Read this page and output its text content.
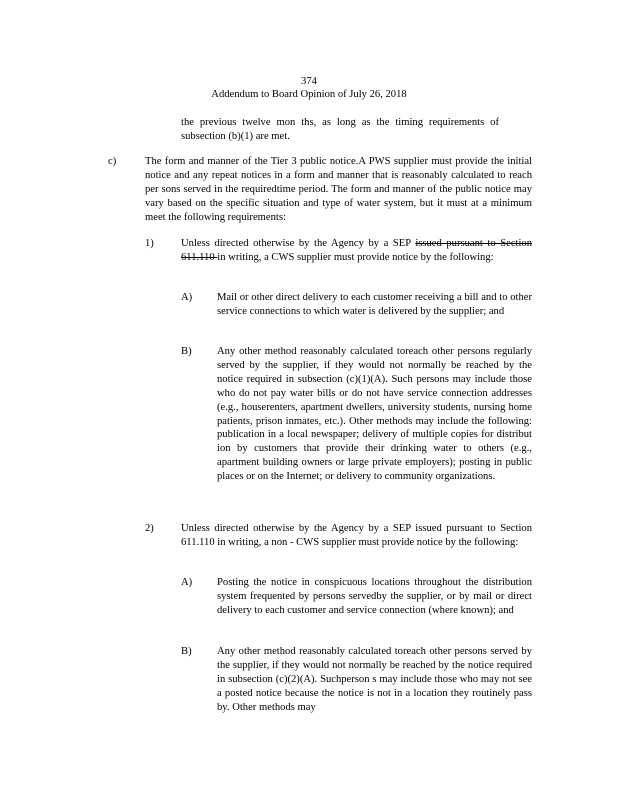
374
Addendum to Board Opinion of July 26, 2018
the previous twelve mon ths, as long as the timing requirements of subsection (b)(1) are met.
c)	The form and manner of the Tier 3 public notice.A PWS supplier must provide the initial notice and any repeat notices in a form and manner that is reasonably calculated to reach per sons served in the requiredtime period. The form and manner of the public notice may vary based on the specific situation and type of water system, but it must at a minimum meet the following requirements:
1)	Unless directed otherwise by the Agency by a SEP issued pursuant to Section 611.110 in writing, a CWS supplier must provide notice by the following:
A) Mail or other direct delivery to each customer receiving a bill and to other service connections to which water is delivered by the supplier; and
B) Any other method reasonably calculated toreach other persons regularly served by the supplier, if they would not normally be reached by the notice required in subsection (c)(1)(A). Such persons may include those who do not pay water bills or do not have service connection addresses (e.g., houserenters, apartment dwellers, university students, nursing home patients, prison inmates, etc.). Other methods may include the following: publication in a local newspaper; delivery of multiple copies for distribut ion by customers that provide their drinking water to others (e.g., apartment building owners or large private employers); posting in public places or on the Internet; or delivery to community organizations.
2)	Unless directed otherwise by the Agency by a SEP issued pursuant to Section 611.110 in writing, a non - CWS supplier must provide notice by the following:
A) Posting the notice in conspicuous locations throughout the distribution system frequented by persons servedby the supplier, or by mail or direct delivery to each customer and service connection (where known); and
B) Any other method reasonably calculated toreach other persons served by the supplier, if they would not normally be reached by the notice required in subsection (c)(2)(A). Suchperson s may include those who may not see a posted notice because the notice is not in a location they routinely pass by. Other methods may
